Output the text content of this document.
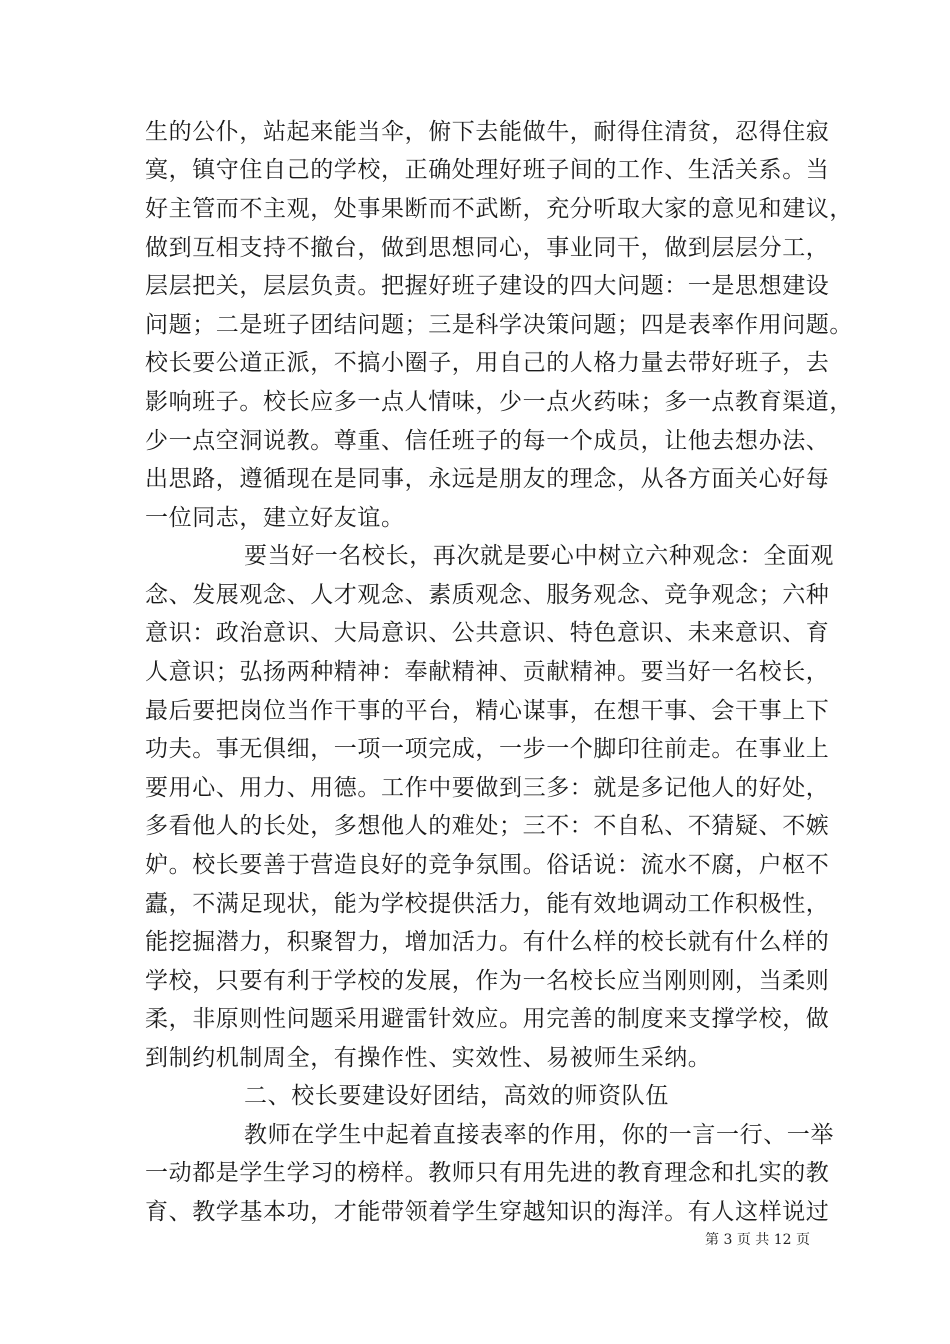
生的公仆，站起来能当伞，俯下去能做牛，耐得住清贫，忍得住寂
寞，镇守住自己的学校，正确处理好班子间的工作、生活关系。当
好主管而不主观，处事果断而不武断，充分听取大家的意见和建议，
做到互相支持不撤台，做到思想同心，事业同干，做到层层分工，
层层把关，层层负责。把握好班子建设的四大问题：一是思想建设
问题；二是班子团结问题；三是科学决策问题；四是表率作用问题。
校长要公道正派，不搞小圈子，用自己的人格力量去带好班子，去
影响班子。校长应多一点人情味，少一点火药味；多一点教育渠道，
少一点空洞说教。尊重、信任班子的每一个成员，让他去想办法、
出思路，遵循现在是同事，永远是朋友的理念，从各方面关心好每
一位同志，建立好友谊。
要当好一名校长，再次就是要心中树立六种观念：全面观
念、发展观念、人才观念、素质观念、服务观念、竞争观念；六种
意识：政治意识、大局意识、公共意识、特色意识、未来意识、育
人意识；弘扬两种精神：奉献精神、贡献精神。要当好一名校长，
最后要把岗位当作干事的平台，精心谋事，在想干事、会干事上下
功夫。事无俱细，一项一项完成，一步一个脚印往前走。在事业上
要用心、用力、用德。工作中要做到三多：就是多记他人的好处，
多看他人的长处，多想他人的难处；三不：不自私、不猜疑、不嫉
妒。校长要善于营造良好的竞争氛围。俗话说：流水不腐，户枢不
蠹，不满足现状，能为学校提供活力，能有效地调动工作积极性，
能挖掘潜力，积聚智力，增加活力。有什么样的校长就有什么样的
学校，只要有利于学校的发展，作为一名校长应当刚则刚，当柔则
柔，非原则性问题采用避雷针效应。用完善的制度来支撑学校，做
到制约机制周全，有操作性、实效性、易被师生采纳。
二、校长要建设好团结，高效的师资队伍
教师在学生中起着直接表率的作用，你的一言一行、一举
一动都是学生学习的榜样。教师只有用先进的教育理念和扎实的教
育、教学基本功，才能带领着学生穿越知识的海洋。有人这样说过
第 3 页 共 12 页
